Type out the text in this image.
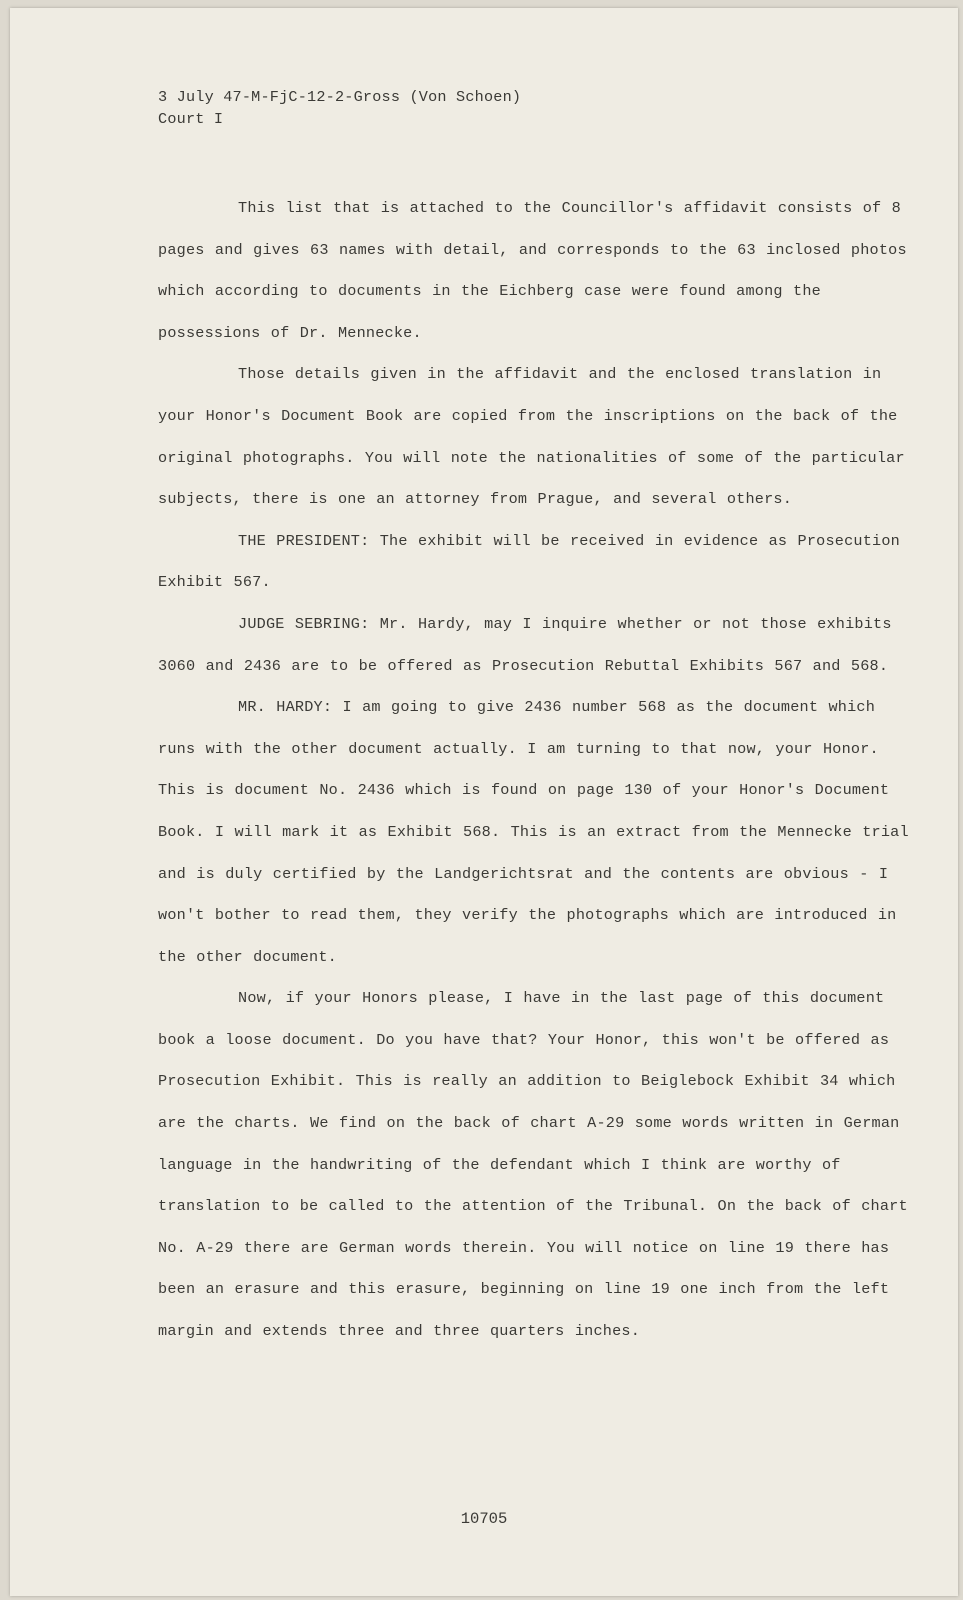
3 July 47-M-FjC-12-2-Gross (Von Schoen)
Court I

This list that is attached to the Councillor's affidavit consists of 8 pages and gives 63 names with detail, and corresponds to the 63 inclosed photos which according to documents in the Eichberg case were found among the possessions of Dr. Mennecke.

Those details given in the affidavit and the enclosed translation in your Honor's Document Book are copied from the inscriptions on the back of the original photographs. You will note the nationalities of some of the particular subjects, there is one an attorney from Prague, and several others.

THE PRESIDENT: The exhibit will be received in evidence as Prosecution Exhibit 567.

JUDGE SEBRING: Mr. Hardy, may I inquire whether or not those exhibits 3060 and 2436 are to be offered as Prosecution Rebuttal Exhibits 567 and 568.

MR. HARDY: I am going to give 2436 number 568 as the document which runs with the other document actually. I am turning to that now, your Honor. This is document No. 2436 which is found on page 130 of your Honor's Document Book. I will mark it as Exhibit 568. This is an extract from the Mennecke trial and is duly certified by the Landgerichtsrat and the contents are obvious - I won't bother to read them, they verify the photographs which are introduced in the other document.

Now, if your Honors please, I have in the last page of this document book a loose document. Do you have that? Your Honor, this won't be offered as Prosecution Exhibit. This is really an addition to Beiglebock Exhibit 34 which are the charts. We find on the back of chart A-29 some words written in German language in the handwriting of the defendant which I think are worthy of translation to be called to the attention of the Tribunal. On the back of chart No. A-29 there are German words therein. You will notice on line 19 there has been an erasure and this erasure, beginning on line 19 one inch from the left margin and extends three and three quarters inches.

10705
